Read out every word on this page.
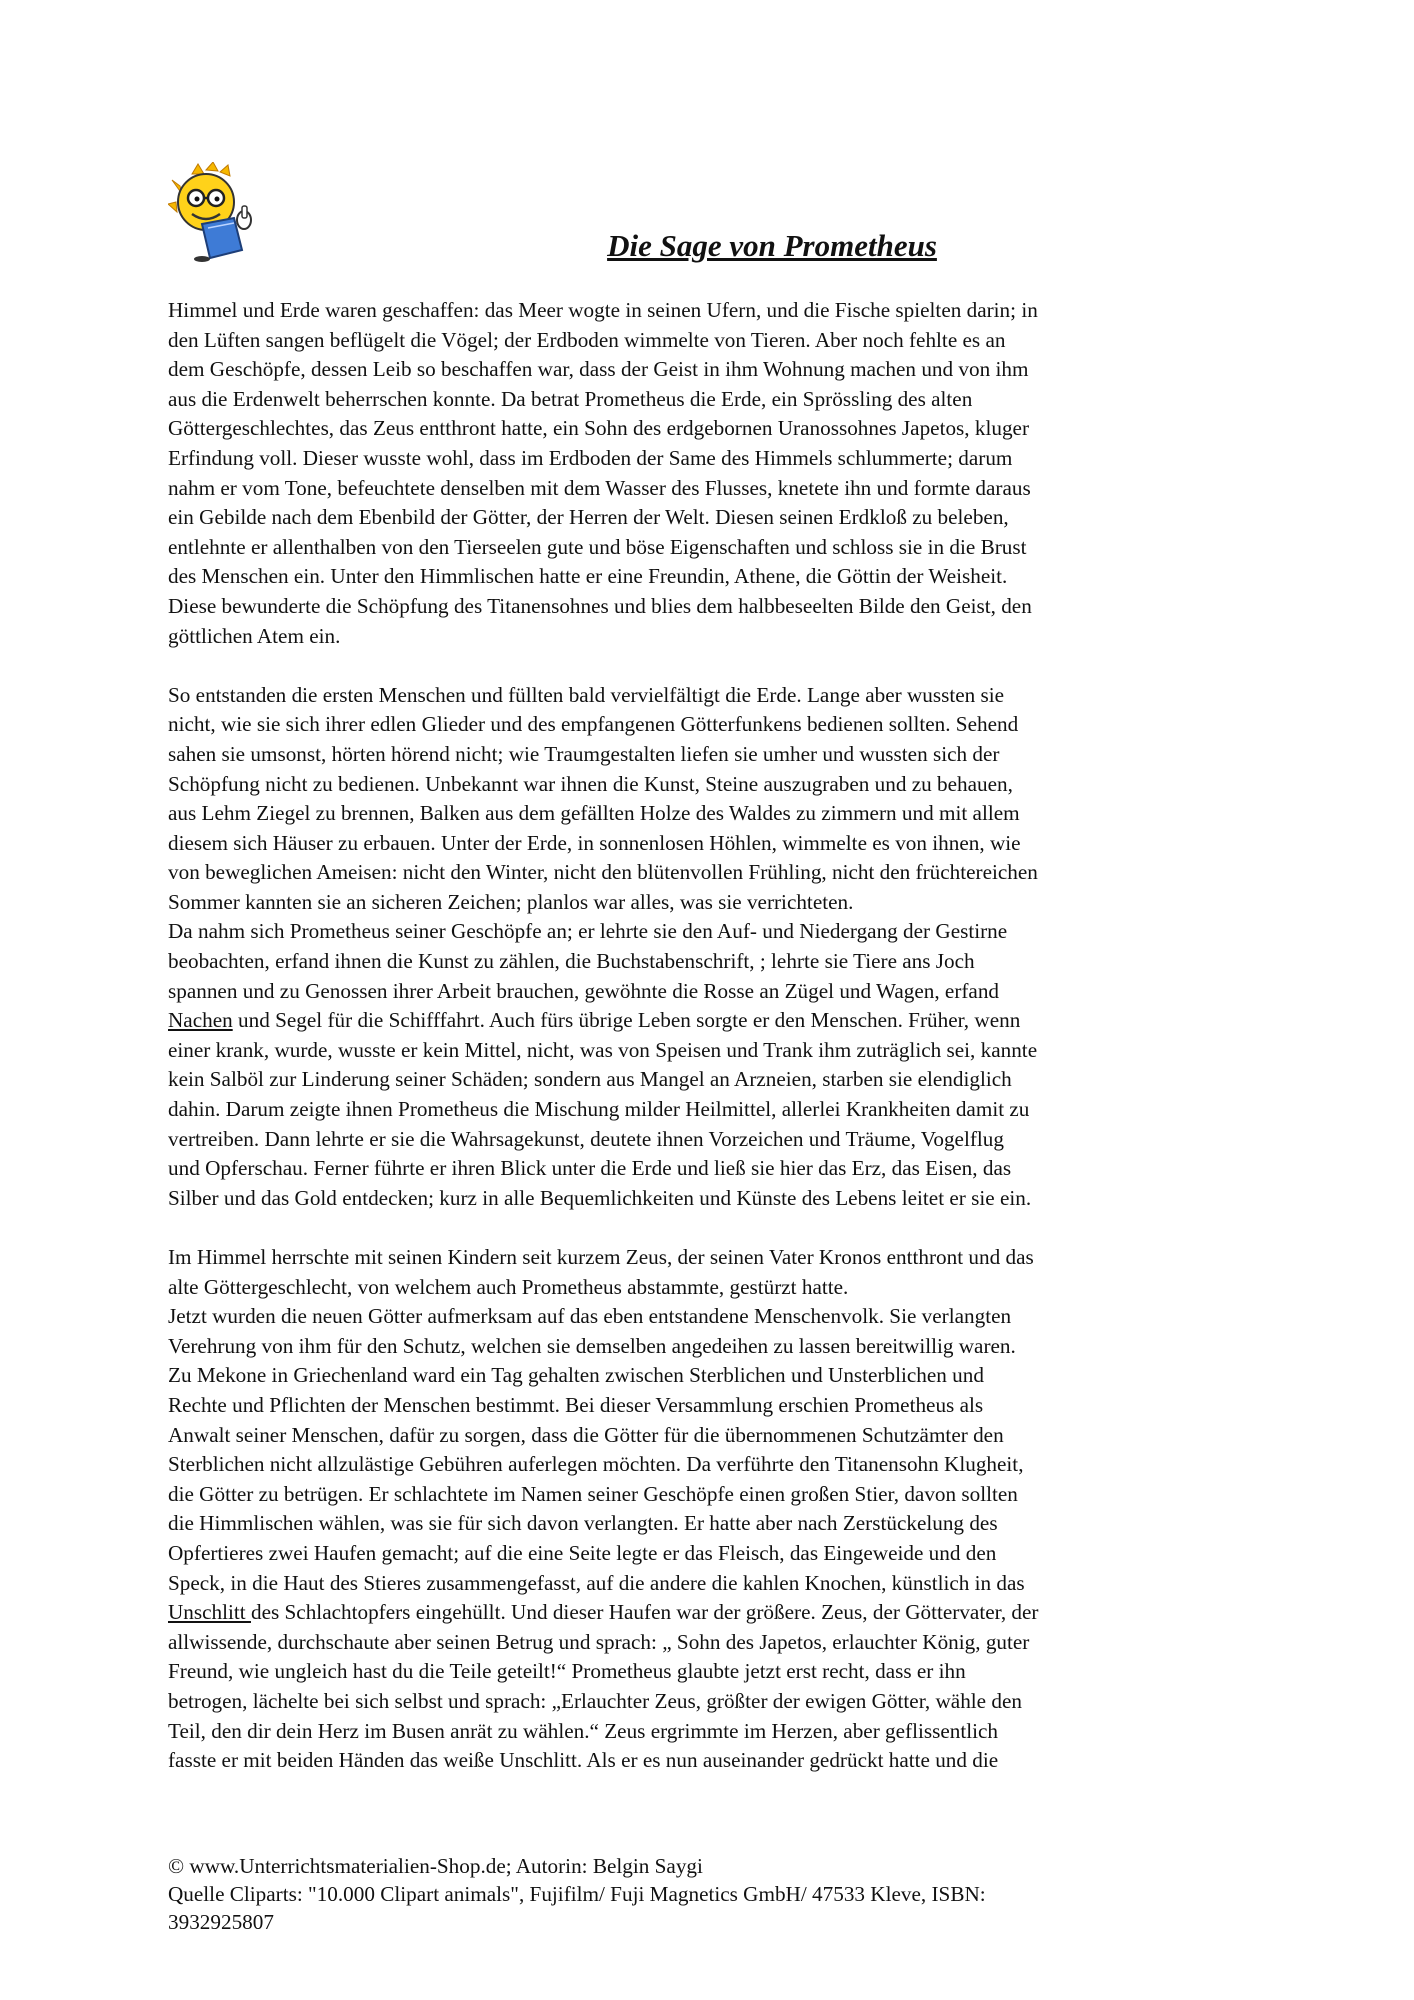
Die Sage von Prometheus

Himmel und Erde waren geschaffen: das Meer wogte in seinen Ufern, und die Fische spielten darin; in
den Lüften sangen beflügelt die Vögel; der Erdboden wimmelte von Tieren. Aber noch fehlte es an
dem Geschöpfe, dessen Leib so beschaffen war, dass der Geist in ihm Wohnung machen und von ihm
aus die Erdenwelt beherrschen konnte. Da betrat Prometheus die Erde, ein Sprössling des alten
Göttergeschlechtes, das Zeus entthront hatte, ein Sohn des erdgebornen Uranossohnes Japetos, kluger
Erfindung voll. Dieser wusste wohl, dass im Erdboden der Same des Himmels schlummerte; darum
nahm er vom Tone, befeuchtete denselben mit dem Wasser des Flusses, knetete ihn und formte daraus
ein Gebilde nach dem Ebenbild der Götter, der Herren der Welt. Diesen seinen Erdkloß zu beleben,
entlehnte er allenthalben von den Tierseelen gute und böse Eigenschaften und schloss sie in die Brust
des Menschen ein. Unter den Himmlischen hatte er eine Freundin, Athene, die Göttin der Weisheit.
Diese bewunderte die Schöpfung des Titanensohnes und blies dem halbbeseelten Bilde den Geist, den
göttlichen Atem ein.

So entstanden die ersten Menschen und füllten bald vervielfältigt die Erde. Lange aber wussten sie
nicht, wie sie sich ihrer edlen Glieder und des empfangenen Götterfunkens bedienen sollten. Sehend
sahen sie umsonst, hörten hörend nicht; wie Traumgestalten liefen sie umher und wussten sich der
Schöpfung nicht zu bedienen. Unbekannt war ihnen die Kunst, Steine auszugraben und zu behauen,
aus Lehm Ziegel zu brennen, Balken aus dem gefällten Holze des Waldes zu zimmern und mit allem
diesem sich Häuser zu erbauen. Unter der Erde, in sonnenlosen Höhlen, wimmelte es von ihnen, wie
von beweglichen Ameisen: nicht den Winter, nicht den blütenvollen Frühling, nicht den früchtereichen
Sommer kannten sie an sicheren Zeichen; planlos war alles, was sie verrichteten.

Da nahm sich Prometheus seiner Geschöpfe an; er lehrte sie den Auf- und Niedergang der Gestirne
beobachten, erfand ihnen die Kunst zu zählen, die Buchstabenschrift, ; lehrte sie Tiere ans Joch
spannen und zu Genossen ihrer Arbeit brauchen, gewöhnte die Rosse an Zügel und Wagen, erfand
Nachen und Segel für die Schifffahrt. Auch fürs übrige Leben sorgte er den Menschen. Früher, wenn
einer krank, wurde, wusste er kein Mittel, nicht, was von Speisen und Trank ihm zuträglich sei, kannte
kein Salböl zur Linderung seiner Schäden; sondern aus Mangel an Arzneien, starben sie elendiglich
dahin. Darum zeigte ihnen Prometheus die Mischung milder Heilmittel, allerlei Krankheiten damit zu
vertreiben. Dann lehrte er sie die Wahrsagekunst, deutete ihnen Vorzeichen und Träume, Vogelflug
und Opferschau. Ferner führte er ihren Blick unter die Erde und ließ sie hier das Erz, das Eisen, das
Silber und das Gold entdecken; kurz in alle Bequemlichkeiten und Künste des Lebens leitet er sie ein.

Im Himmel herrschte mit seinen Kindern seit kurzem Zeus, der seinen Vater Kronos entthront und das
alte Göttergeschlecht, von welchem auch Prometheus abstammte, gestürzt hatte.

Jetzt wurden die neuen Götter aufmerksam auf das eben entstandene Menschenvolk. Sie verlangten
Verehrung von ihm für den Schutz, welchen sie demselben angedeihen zu lassen bereitwillig waren.
Zu Mekone in Griechenland ward ein Tag gehalten zwischen Sterblichen und Unsterblichen und
Rechte und Pflichten der Menschen bestimmt. Bei dieser Versammlung erschien Prometheus als
Anwalt seiner Menschen, dafür zu sorgen, dass die Götter für die übernommenen Schutzämter den
Sterblichen nicht allzulästige Gebühren auferlegen möchten. Da verführte den Titanensohn Klugheit,
die Götter zu betrügen. Er schlachtete im Namen seiner Geschöpfe einen großen Stier, davon sollten
die Himmlischen wählen, was sie für sich davon verlangten. Er hatte aber nach Zerstückelung des
Opfertieres zwei Haufen gemacht; auf die eine Seite legte er das Fleisch, das Eingeweide und den
Speck, in die Haut des Stieres zusammengefasst, auf die andere die kahlen Knochen, künstlich in das
Unschlitt des Schlachtopfers eingehüllt. Und dieser Haufen war der größere. Zeus, der Göttervater, der
allwissende, durchschaute aber seinen Betrug und sprach: „ Sohn des Japetos, erlauchter König, guter
Freund, wie ungleich hast du die Teile geteilt!“ Prometheus glaubte jetzt erst recht, dass er ihn
betrogen, lächelte bei sich selbst und sprach: „Erlauchter Zeus, größter der ewigen Götter, wähle den
Teil, den dir dein Herz im Busen anrät zu wählen.“ Zeus ergrimmte im Herzen, aber geflissentlich
fasste er mit beiden Händen das weiße Unschlitt. Als er es nun auseinander gedrückt hatte und die

© www.Unterrichtsmaterialien-Shop.de; Autorin: Belgin Saygi
Quelle Cliparts: "10.000 Clipart animals", Fujifilm/ Fuji Magnetics GmbH/ 47533 Kleve, ISBN:
3932925807
